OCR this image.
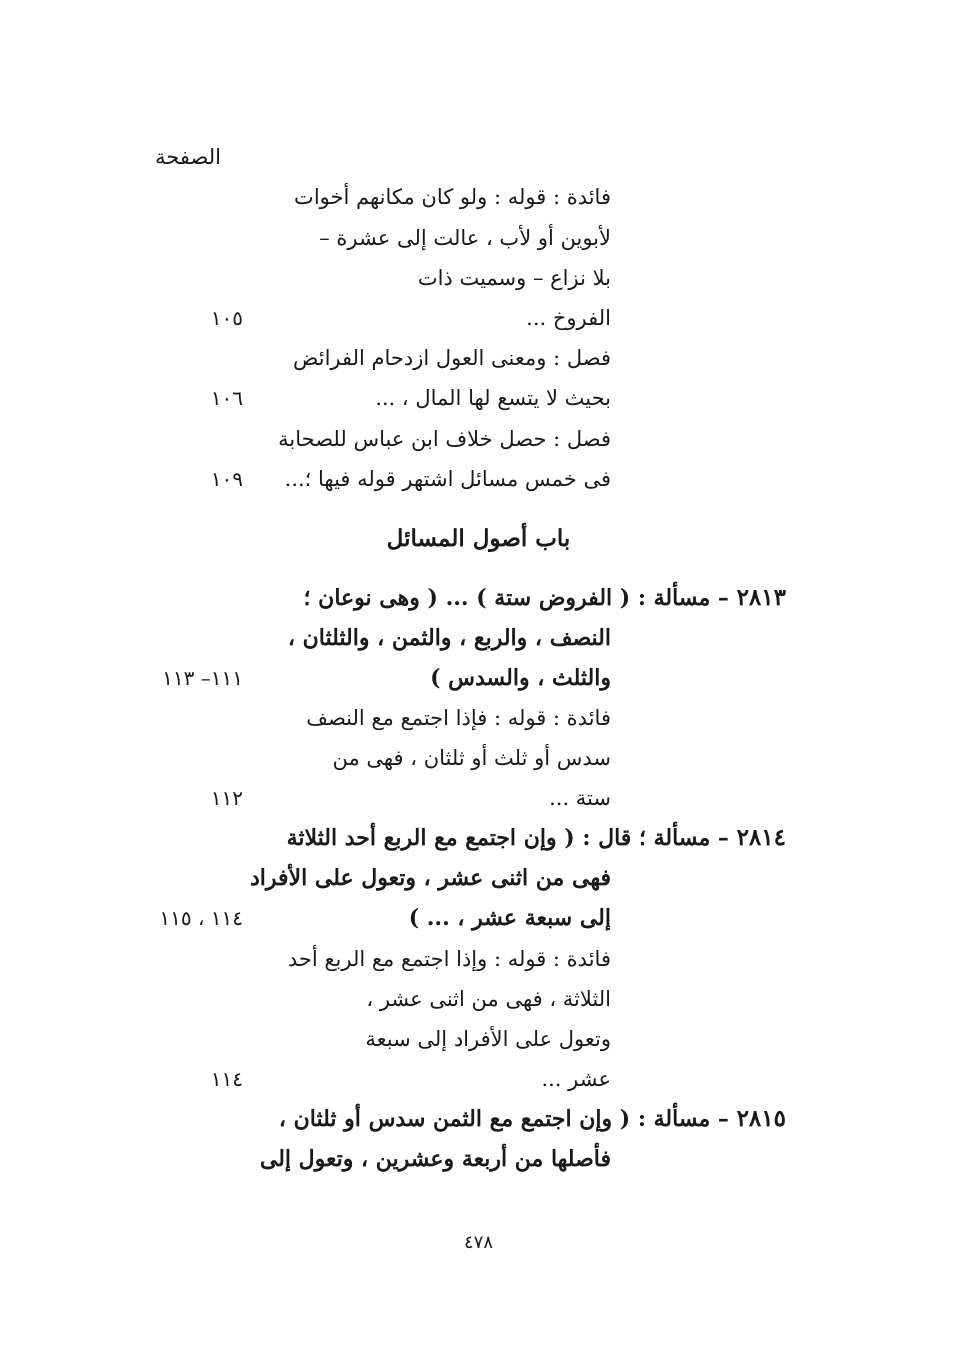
الصفحة
فائدة : قوله : ولو كان مكانهم أخوات
لأبوين أو لأب ، عالت إلى عشرة –
بلا نزاع – وسميت ذات
الفروخ ...
١٠٥
فصل : ومعنى العول ازدحام الفرائض
بحيث لا يتسع لها المال ، ...
١٠٦
فصل : حصل خلاف ابن عباس للصحابة
فى خمس مسائل اشتهر قوله فيها ؛...
١٠٩
باب أصول المسائل
٢٨١٣ – مسألة : ( الفروض ستة ) ... ( وهى نوعان ؛
النصف ، والربع ، والثمن ، والثلثان ،
والثلث ، والسدس )
١١١– ١١٣
فائدة : قوله : فإذا اجتمع مع النصف
سدس أو ثلث أو ثلثان ، فهى من
ستة ...
١١٢
٢٨١٤ – مسألة ؛ قال : ( وإن اجتمع مع الربع أحد الثلاثة
فهى من اثنى عشر ، وتعول على الأفراد
إلى سبعة عشر ، ... )
١١٤ ، ١١٥
فائدة : قوله : وإذا اجتمع مع الربع أحد
الثلاثة ، فهى من اثنى عشر ،
وتعول على الأفراد إلى سبعة
عشر ...
١١٤
٢٨١٥ – مسألة : ( وإن اجتمع مع الثمن سدس أو ثلثان ،
فأصلها من أربعة وعشرين ، وتعول إلى
٤٧٨
